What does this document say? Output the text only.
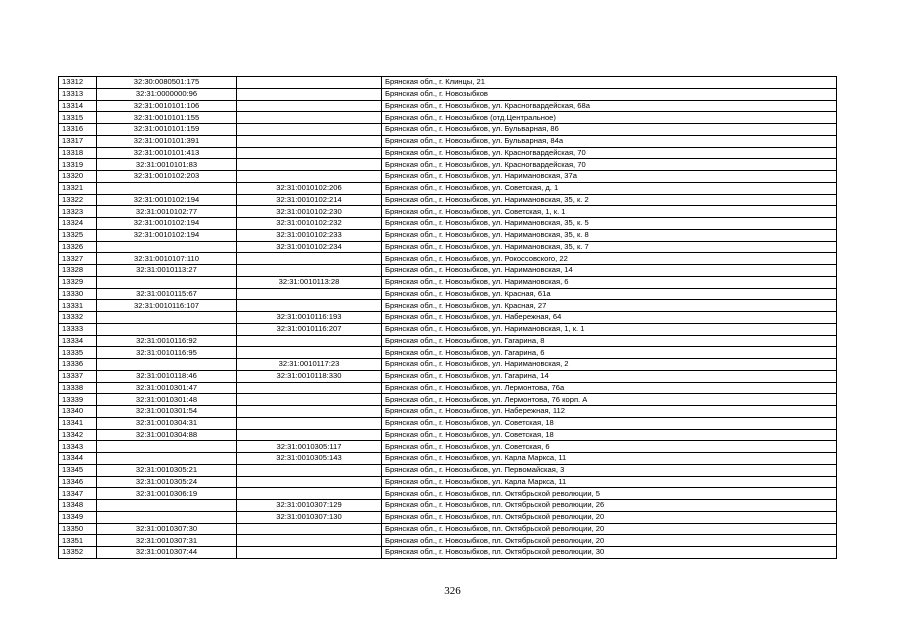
13312	32:30:0080501:175		Брянская обл., г. Клинцы, 21
13313	32:31:0000000:96		Брянская обл., г. Новозыбков
13314	32:31:0010101:106		Брянская обл., г. Новозыбков, ул. Красногвардейская, 68а
13315	32:31:0010101:155		Брянская обл., г. Новозыбков (отд.Центральное)
13316	32:31:0010101:159		Брянская обл., г. Новозыбков, ул. Бульварная, 86
13317	32:31:0010101:391		Брянская обл., г. Новозыбков, ул. Бульварная, 84а
13318	32:31:0010101:413		Брянская обл., г. Новозыбков, ул. Красногвардейская, 70
13319	32:31:0010101:83		Брянская обл., г. Новозыбков, ул. Красногвардейская, 70
13320	32:31:0010102:203		Брянская обл., г. Новозыбков, ул. Наримановская, 37а
13321		32:31:0010102:206	Брянская обл., г. Новозыбков, ул. Советская, д. 1
13322	32:31:0010102:194	32:31:0010102:214	Брянская обл., г. Новозыбков, ул. Наримановская, 35, к. 2
13323	32:31:0010102:77	32:31:0010102:230	Брянская обл., г. Новозыбков, ул. Советская, 1, к. 1
13324	32:31:0010102:194	32:31:0010102:232	Брянская обл., г. Новозыбков, ул. Наримановская, 35, к. 5
13325	32:31:0010102:194	32:31:0010102:233	Брянская обл., г. Новозыбков, ул. Наримановская, 35, к. 8
13326		32:31:0010102:234	Брянская обл., г. Новозыбков, ул. Наримановская, 35, к. 7
13327	32:31:0010107:110		Брянская обл., г. Новозыбков, ул. Рокоссовского, 22
13328	32:31:0010113:27		Брянская обл., г. Новозыбков, ул. Наримановская, 14
13329		32:31:0010113:28	Брянская обл., г. Новозыбков, ул. Наримановская, 6
13330	32:31:0010115:67		Брянская обл., г. Новозыбков, ул. Красная, 61а
13331	32:31:0010116:107		Брянская обл., г. Новозыбков, ул. Красная, 27
13332		32:31:0010116:193	Брянская обл., г. Новозыбков, ул. Набережная, 64
13333		32:31:0010116:207	Брянская обл., г. Новозыбков, ул. Наримановская, 1, к. 1
13334	32:31:0010116:92		Брянская обл., г. Новозыбков, ул. Гагарина, 8
13335	32:31:0010116:95		Брянская обл., г. Новозыбков, ул. Гагарина, 6
13336		32:31:0010117:23	Брянская обл., г. Новозыбков, ул. Наримановская, 2
13337	32:31:0010118:46	32:31:0010118:330	Брянская обл., г. Новозыбков, ул. Гагарина, 14
13338	32:31:0010301:47		Брянская обл., г. Новозыбков, ул. Лермонтова, 76а
13339	32:31:0010301:48		Брянская обл., г. Новозыбков, ул. Лермонтова, 76 корп. А
13340	32:31:0010301:54		Брянская обл., г. Новозыбков, ул. Набережная, 112
13341	32:31:0010304:31		Брянская обл., г. Новозыбков, ул. Советская, 18
13342	32:31:0010304:88		Брянская обл., г. Новозыбков, ул. Советская, 18
13343		32:31:0010305:117	Брянская обл., г. Новозыбков, ул. Советская, 6
13344		32:31:0010305:143	Брянская обл., г. Новозыбков, ул. Карла Маркса, 11
13345	32:31:0010305:21		Брянская обл., г. Новозыбков, ул. Первомайская, 3
13346	32:31:0010305:24		Брянская обл., г. Новозыбков, ул. Карла Маркса, 11
13347	32:31:0010306:19		Брянская обл., г. Новозыбков, пл. Октябрьской революции, 5
13348		32:31:0010307:129	Брянская обл., г. Новозыбков, пл. Октябрьской революции, 26
13349		32:31:0010307:130	Брянская обл., г. Новозыбков, пл. Октябрьской революции, 20
13350	32:31:0010307:30		Брянская обл., г. Новозыбков, пл. Октябрьской революции, 20
13351	32:31:0010307:31		Брянская обл., г. Новозыбков, пл. Октябрьской революции, 20
13352	32:31:0010307:44		Брянская обл., г. Новозыбков, пл. Октябрьской революции, 30
326
